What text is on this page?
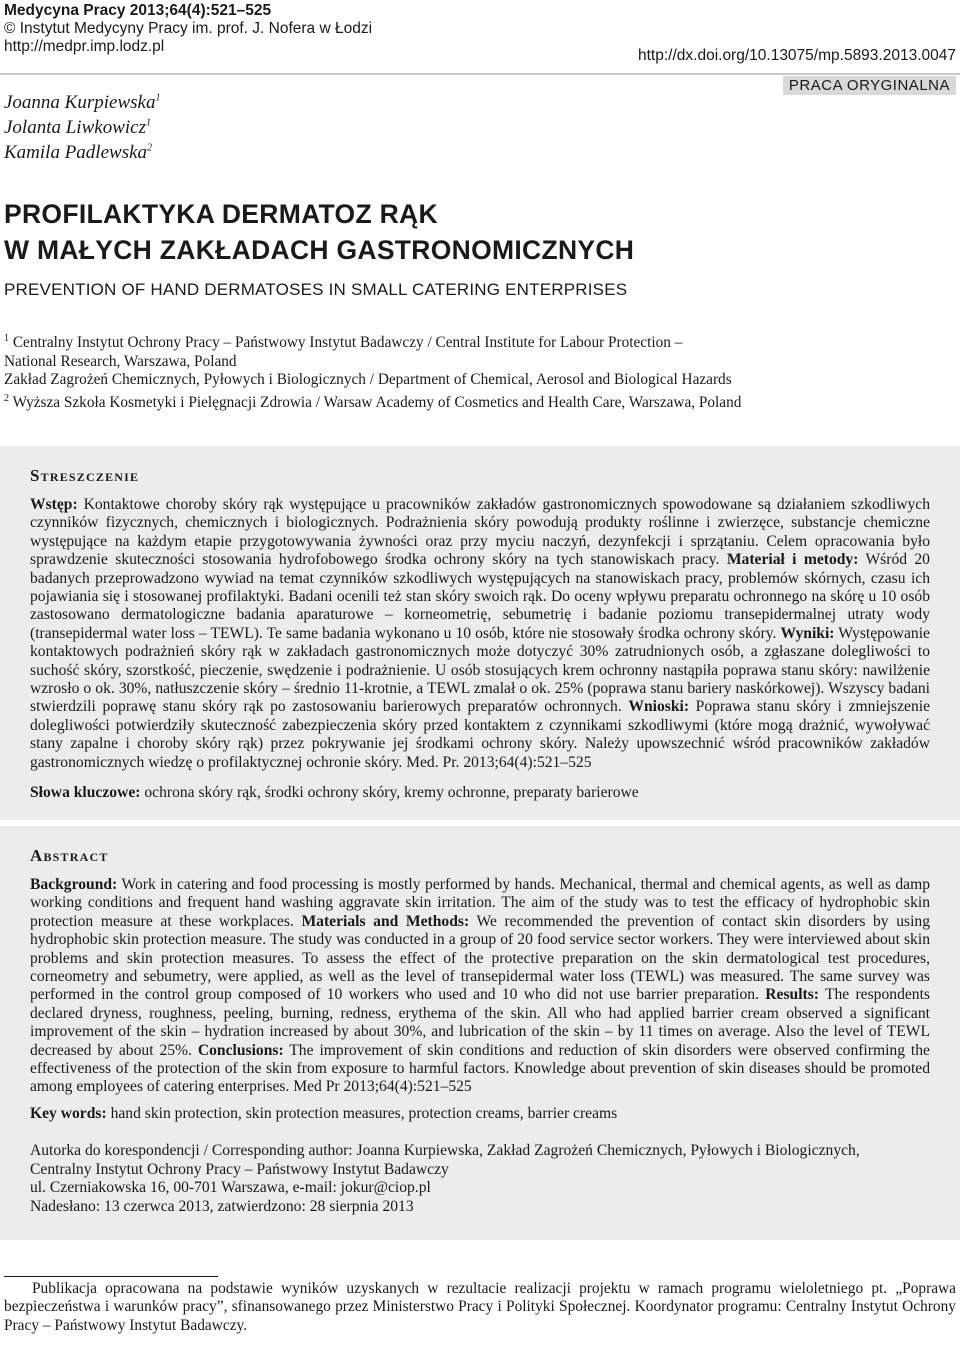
Medycyna Pracy 2013;64(4):521–525
© Instytut Medycyny Pracy im. prof. J. Nofera w Łodzi
http://medpr.imp.lodz.pl
http://dx.doi.org/10.13075/mp.5893.2013.0047
PRACA ORYGINALNA
Joanna Kurpiewska$^1$
Jolanta Liwkowicz$^1$
Kamila Padlewska$^2$
PROFILAKTYKA DERMATOZ RĄK
W MAŁYCH ZAKŁADACH GASTRONOMICZNYCH
PREVENTION OF HAND DERMATOSES IN SMALL CATERING ENTERPRISES
$^1$ Centralny Instytut Ochrony Pracy – Państwowy Instytut Badawczy / Central Institute for Labour Protection –
National Research, Warszawa, Poland
Zakład Zagrożeń Chemicznych, Pyłowych i Biologicznych / Department of Chemical, Aerosol and Biological Hazards
$^2$ Wyższa Szkoła Kosmetyki i Pielęgnacji Zdrowia / Warsaw Academy of Cosmetics and Health Care, Warszawa, Poland
Streszczenie

Wstęp: Kontaktowe choroby skóry rąk występujące u pracowników zakładów gastronomicznych spowodowane są działaniem szkodliwych czynników fizycznych, chemicznych i biologicznych. Podrażnienia skóry powodują produkty roślinne i zwierzęce, substancje chemiczne występujące na każdym etapie przygotowywania żywności oraz przy myciu naczyń, dezynfekcji i sprzątaniu. Celem opracowania było sprawdzenie skuteczności stosowania hydrofobowego środka ochrony skóry na tych stanowiskach pracy. Materiał i metody: Wśród 20 badanych przeprowadzono wywiad na temat czynników szkodliwych występujących na stanowiskach pracy, problemów skórnych, czasu ich pojawiania się i stosowanej profilaktyki. Badani ocenili też stan skóry swoich rąk. Do oceny wpływu preparatu ochronnego na skórę u 10 osób zastosowano dermatologiczne badania aparaturowe – korneometrię, sebumetrię i badanie poziomu transepidermalnej utraty wody (transepidermal water loss – TEWL). Te same badania wykonano u 10 osób, które nie stosowały środka ochrony skóry. Wyniki: Występowanie kontaktowych podrażnień skóry rąk w zakładach gastronomicznych może dotyczyć 30% zatrudnionych osób, a zgłaszane dolegliwości to suchość skóry, szorstkość, pieczenie, swędzenie i podrażnienie. U osób stosujących krem ochronny nastąpiła poprawa stanu skóry: nawilżenie wzrosło o ok. 30%, natłuszczenie skóry – średnio 11-krotnie, a TEWL zmalał o ok. 25% (poprawa stanu bariery naskórkowej). Wszyscy badani stwierdzili poprawę stanu skóry rąk po zastosowaniu barierowych preparatów ochronnych. Wnioski: Poprawa stanu skóry i zmniejszenie dolegliwości potwierdziły skuteczność zabezpieczenia skóry przed kontaktem z czynnikami szkodliwymi (które mogą drażnić, wywoływać stany zapalne i choroby skóry rąk) przez pokrywanie jej środkami ochrony skóry. Należy upowszechnić wśród pracowników zakładów gastronomicznych wiedzę o profilaktycznej ochronie skóry. Med. Pr. 2013;64(4):521–525

Słowa kluczowe: ochrona skóry rąk, środki ochrony skóry, kremy ochronne, preparaty barierowe

Abstract

Background: Work in catering and food processing is mostly performed by hands. Mechanical, thermal and chemical agents, as well as damp working conditions and frequent hand washing aggravate skin irritation. The aim of the study was to test the efficacy of hydrophobic skin protection measure at these workplaces. Materials and Methods: We recommended the prevention of contact skin disorders by using hydrophobic skin protection measure. The study was conducted in a group of 20 food service sector workers. They were interviewed about skin problems and skin protection measures. To assess the effect of the protective preparation on the skin dermatological test procedures, corneometry and sebumetry, were applied, as well as the level of transepidermal water loss (TEWL) was measured. The same survey was performed in the control group composed of 10 workers who used and 10 who did not use barrier preparation. Results: The respondents declared dryness, roughness, peeling, burning, redness, erythema of the skin. All who had applied barrier cream observed a significant improvement of the skin – hydration increased by about 30%, and lubrication of the skin – by 11 times on average. Also the level of TEWL decreased by about 25%. Conclusions: The improvement of skin conditions and reduction of skin disorders were observed confirming the effectiveness of the protection of the skin from exposure to harmful factors. Knowledge about prevention of skin diseases should be promoted among employees of catering enterprises. Med Pr 2013;64(4):521–525

Key words: hand skin protection, skin protection measures, protection creams, barrier creams

Autorka do korespondencji / Corresponding author: Joanna Kurpiewska, Zakład Zagrożeń Chemicznych, Pyłowych i Biologicznych,
Centralny Instytut Ochrony Pracy – Państwowy Instytut Badawczy
ul. Czerniakowska 16, 00-701 Warszawa, e-mail: jokur@ciop.pl
Nadesłano: 13 czerwca 2013, zatwierdzono: 28 sierpnia 2013
Publikacja opracowana na podstawie wyników uzyskanych w rezultacie realizacji projektu w ramach programu wieloletniego pt. „Poprawa bezpieczeństwa i warunków pracy”, sfinansowanego przez Ministerstwo Pracy i Polityki Społecznej. Koordynator programu: Centralny Instytut Ochrony Pracy – Państwowy Instytut Badawczy.
